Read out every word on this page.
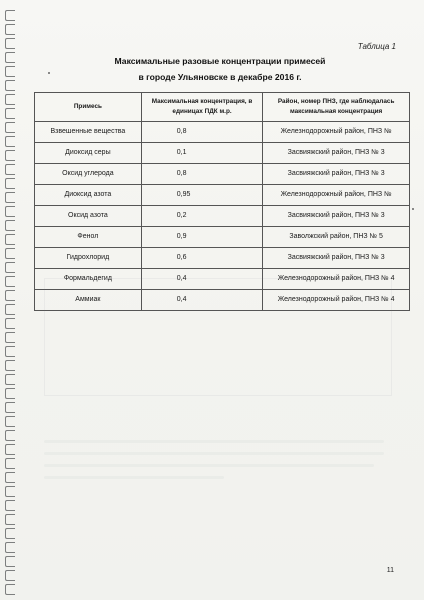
Таблица 1
Максимальные разовые концентрации примесей
в городе Ульяновске в декабре 2016 г.
Примесь	Максимальная концентрация, в единицах ПДК м.р.	Район, номер ПНЗ, где наблюдалась максимальная концентрация
Взвешенные вещества	0,8	Железнодорожный район, ПНЗ №
Диоксид серы	0,1	Засвияжский район, ПНЗ № 3
Оксид углерода	0,8	Засвияжский район, ПНЗ № 3
Диоксид азота	0,95	Железнодорожный район, ПНЗ №
Оксид азота	0,2	Засвияжский район, ПНЗ № 3
Фенол	0,9	Заволжский район, ПНЗ № 5
Гидрохлорид	0,6	Засвияжский район, ПНЗ № 3
Формальдегид	0,4	Железнодорожный район, ПНЗ № 4
Аммиак	0,4	Железнодорожный район, ПНЗ № 4
11
